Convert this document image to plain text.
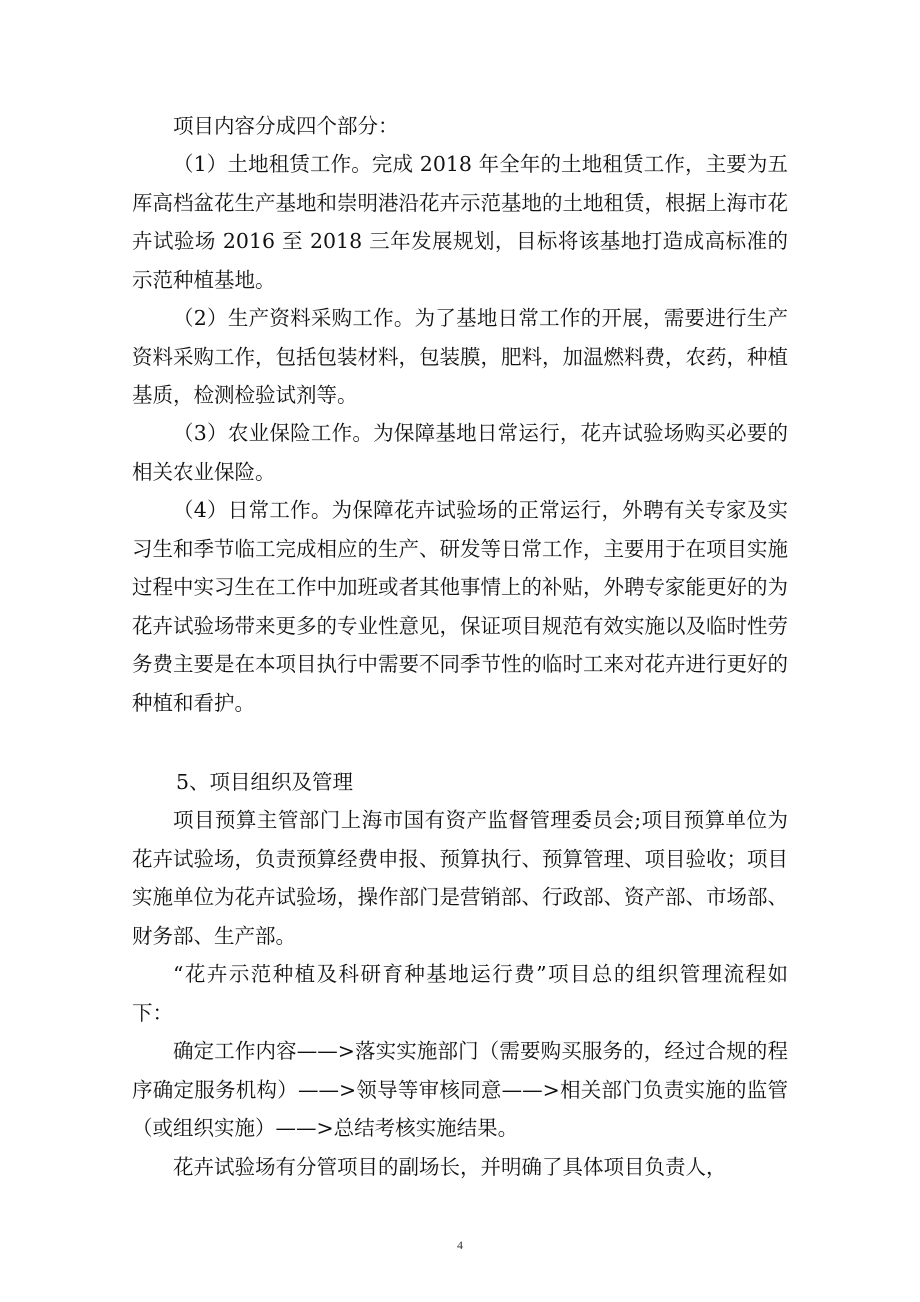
项目内容分成四个部分：

（1）土地租赁工作。完成 2018 年全年的土地租赁工作，主要为五厍高档盆花生产基地和崇明港沿花卉示范基地的土地租赁，根据上海市花卉试验场 2016 至 2018 三年发展规划，目标将该基地打造成高标准的示范种植基地。

（2）生产资料采购工作。为了基地日常工作的开展，需要进行生产资料采购工作，包括包装材料，包装膜，肥料，加温燃料费，农药，种植基质，检测检验试剂等。

（3）农业保险工作。为保障基地日常运行，花卉试验场购买必要的相关农业保险。

（4）日常工作。为保障花卉试验场的正常运行，外聘有关专家及实习生和季节临工完成相应的生产、研发等日常工作，主要用于在项目实施过程中实习生在工作中加班或者其他事情上的补贴，外聘专家能更好的为花卉试验场带来更多的专业性意见，保证项目规范有效实施以及临时性劳务费主要是在本项目执行中需要不同季节性的临时工来对花卉进行更好的种植和看护。

5、项目组织及管理

项目预算主管部门上海市国有资产监督管理委员会;项目预算单位为花卉试验场，负责预算经费申报、预算执行、预算管理、项目验收；项目实施单位为花卉试验场，操作部门是营销部、行政部、资产部、市场部、财务部、生产部。

“花卉示范种植及科研育种基地运行费”项目总的组织管理流程如下：

确定工作内容——>落实实施部门（需要购买服务的，经过合规的程序确定服务机构）——>领导等审核同意——>相关部门负责实施的监管（或组织实施）——>总结考核实施结果。

花卉试验场有分管项目的副场长，并明确了具体项目负责人，

4
